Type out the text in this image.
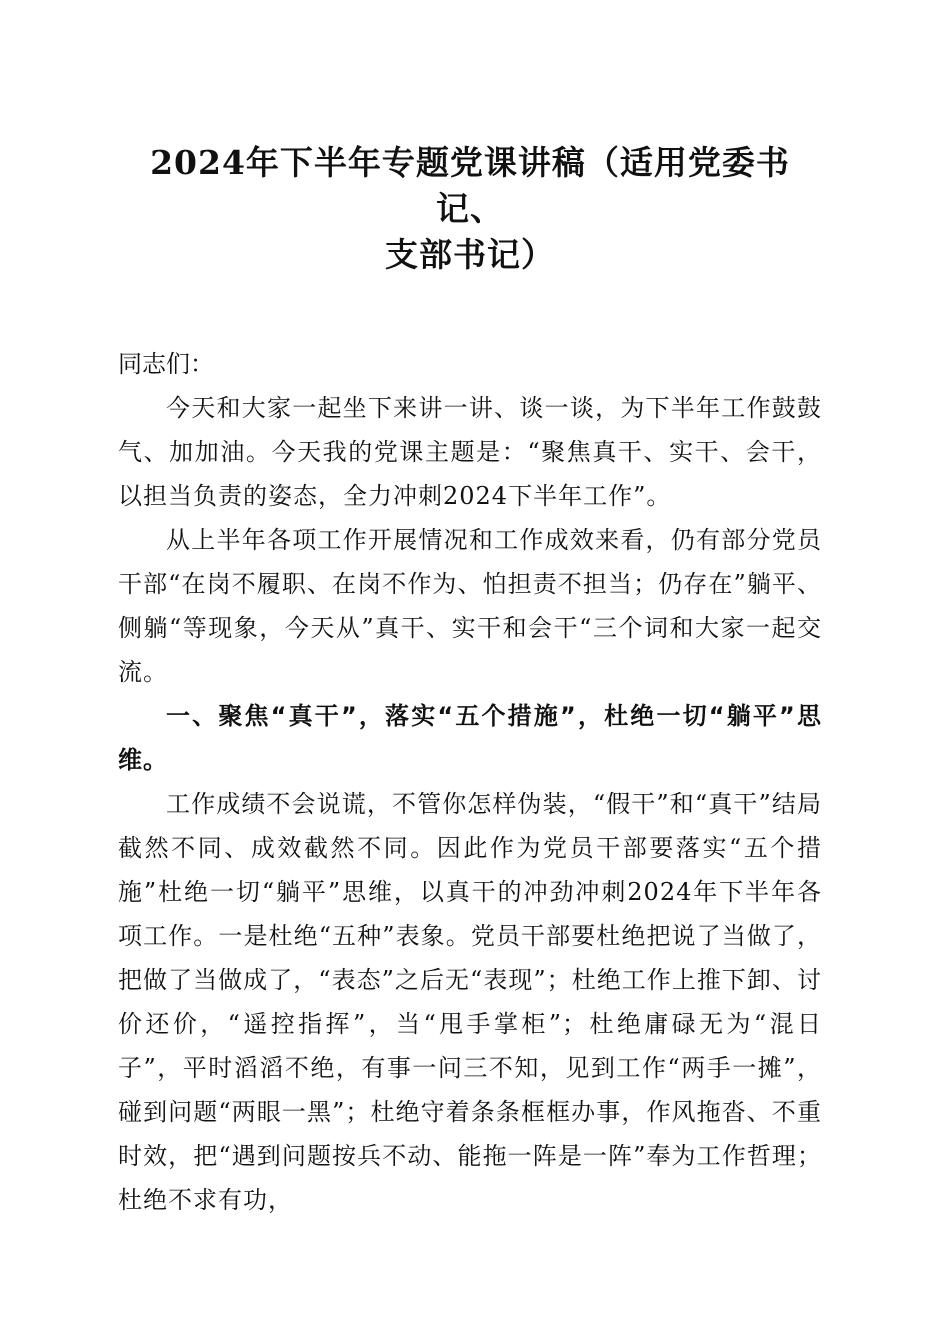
2024年下半年专题党课讲稿（适用党委书记、
支部书记）

同志们：

今天和大家一起坐下来讲一讲、谈一谈，为下半年工作鼓鼓气、加加油。今天我的党课主题是：“聚焦真干、实干、会干，以担当负责的姿态，全力冲刺2024下半年工作”。

从上半年各项工作开展情况和工作成效来看，仍有部分党员干部“在岗不履职、在岗不作为、怕担责不担当；仍存在”躺平、侧躺“等现象，今天从”真干、实干和会干“三个词和大家一起交流。

一、聚焦“真干”，落实“五个措施”，杜绝一切“躺平”思维。

工作成绩不会说谎，不管你怎样伪装，“假干”和“真干”结局截然不同、成效截然不同。因此作为党员干部要落实“五个措施”杜绝一切“躺平”思维，以真干的冲劲冲刺2024年下半年各项工作。一是杜绝“五种”表象。党员干部要杜绝把说了当做了，把做了当做成了，“表态”之后无“表现”；杜绝工作上推下卸、讨价还价，“遥控指挥”，当“甩手掌柜”；杜绝庸碌无为“混日子”，平时滔滔不绝，有事一问三不知，见到工作“两手一摊”，碰到问题“两眼一黑”；杜绝守着条条框框办事，作风拖沓、不重时效，把“遇到问题按兵不动、能拖一阵是一阵”奉为工作哲理；杜绝不求有功，
